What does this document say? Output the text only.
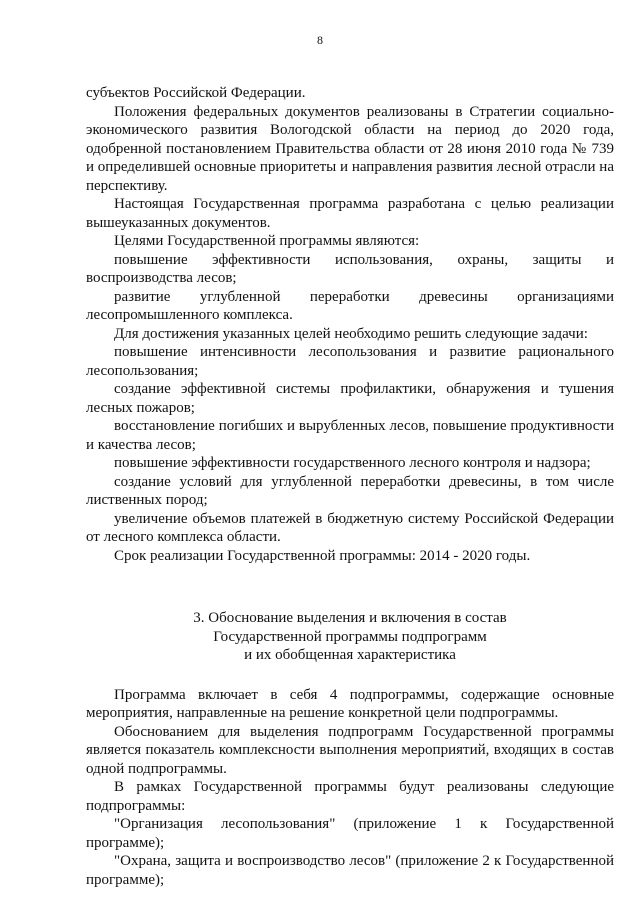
8

субъектов Российской Федерации.

Положения федеральных документов реализованы в Стратегии социально-экономического развития Вологодской области на период до 2020 года, одобренной постановлением Правительства области от 28 июня 2010 года № 739 и определившей основные приоритеты и направления развития лесной отрасли на перспективу.

Настоящая Государственная программа разработана с целью реализации вышеуказанных документов.

Целями Государственной программы являются:

повышение эффективности использования, охраны, защиты и воспроизводства лесов;

развитие углубленной переработки древесины организациями лесопромышленного комплекса.

Для достижения указанных целей необходимо решить следующие задачи:

повышение интенсивности лесопользования и развитие рационального лесопользования;

создание эффективной системы профилактики, обнаружения и тушения лесных пожаров;

восстановление погибших и вырубленных лесов, повышение продуктивности и качества лесов;

повышение эффективности государственного лесного контроля и надзора;

создание условий для углубленной переработки древесины, в том числе лиственных пород;

увеличение объемов платежей в бюджетную систему Российской Федерации от лесного комплекса области.

Срок реализации Государственной программы: 2014 - 2020 годы.

3. Обоснование выделения и включения в состав
Государственной программы подпрограмм
и их обобщенная характеристика

Программа включает в себя 4 подпрограммы, содержащие основные мероприятия, направленные на решение конкретной цели подпрограммы.

Обоснованием для выделения подпрограмм Государственной программы является показатель комплексности выполнения мероприятий, входящих в состав одной подпрограммы.

В рамках Государственной программы будут реализованы следующие подпрограммы:

"Организация лесопользования" (приложение 1 к Государственной программе);

"Охрана, защита и воспроизводство лесов" (приложение 2 к Государственной программе);
